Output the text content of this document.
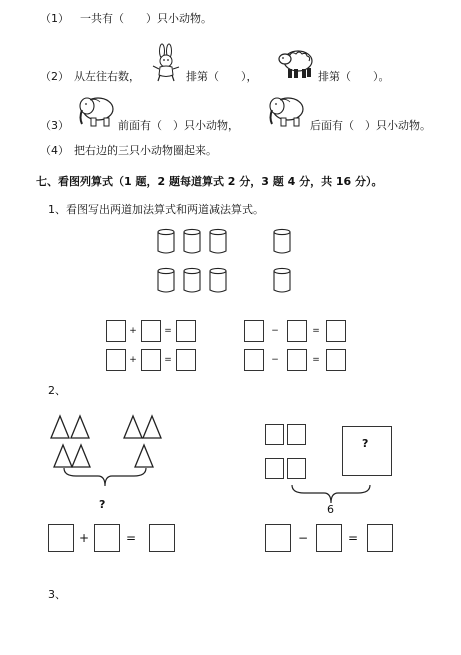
（1） 一共有（　　）只小动物。
（2） 从左往右数，	排第（　　），	排第（　　）。
（3）	前面有（　）只小动物，	后面有（　）只小动物。
（4） 把右边的三只小动物圈起来。
七、看图列算式（1 题，2 题每道算式 2 分，3 题 4 分，共 16 分）。
1、看图写出两道加法算式和两道减法算式。
+	=
+	=
−	=
−	=
2、
?
+	=
?
6
−	=
3、
